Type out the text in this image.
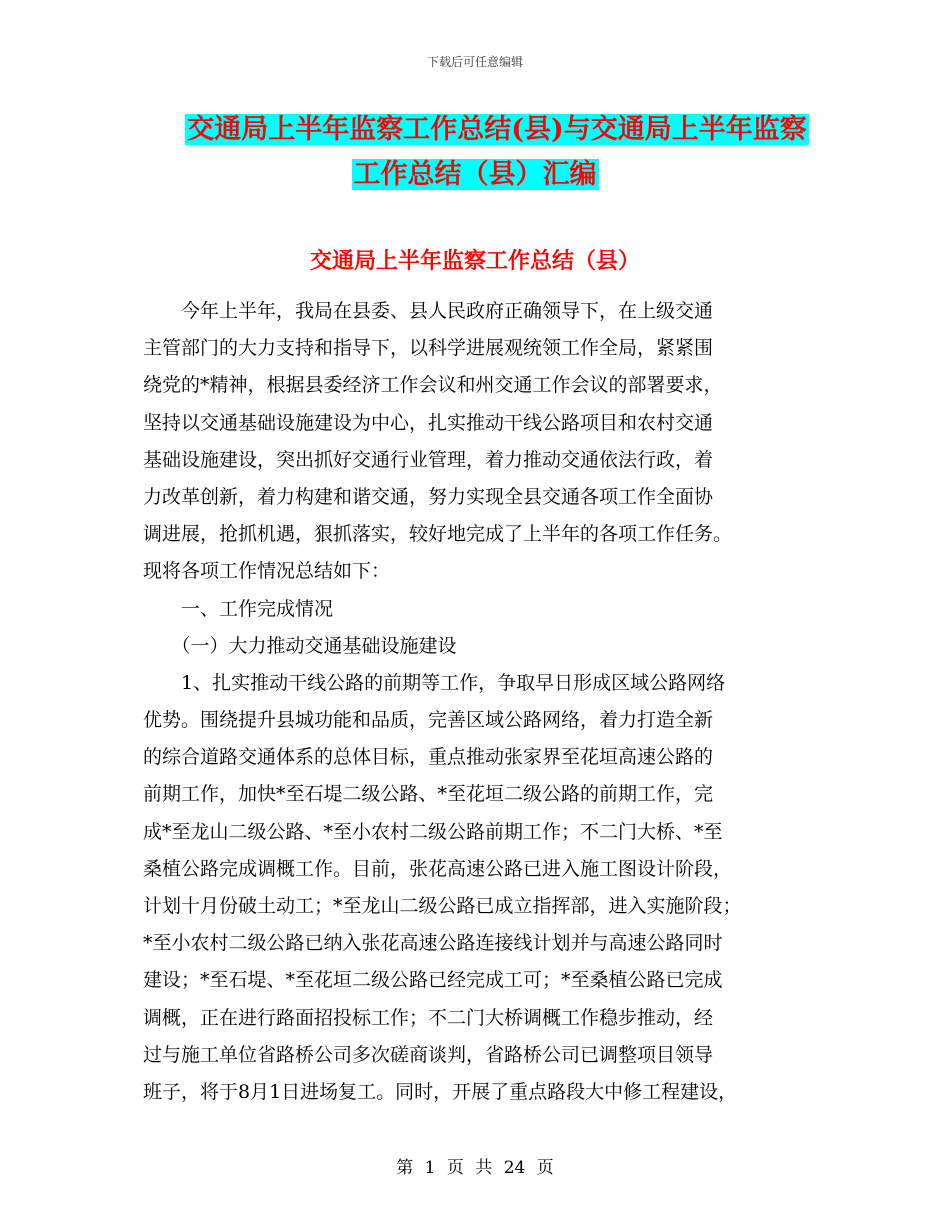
下载后可任意编辑
交通局上半年监察工作总结(县)与交通局上半年监察
工作总结（县）汇编
交通局上半年监察工作总结（县）
　　今年上半年，我局在县委、县人民政府正确领导下，在上级交通
主管部门的大力支持和指导下，以科学进展观统领工作全局，紧紧围
绕党的*精神，根据县委经济工作会议和州交通工作会议的部署要求，
坚持以交通基础设施建设为中心，扎实推动干线公路项目和农村交通
基础设施建设，突出抓好交通行业管理，着力推动交通依法行政，着
力改革创新，着力构建和谐交通，努力实现全县交通各项工作全面协
调进展，抢抓机遇，狠抓落实，较好地完成了上半年的各项工作任务。
现将各项工作情况总结如下：
　　一、工作完成情况
　　（一）大力推动交通基础设施建设
　　1、扎实推动干线公路的前期等工作，争取早日形成区域公路网络
优势。围绕提升县城功能和品质，完善区域公路网络，着力打造全新
的综合道路交通体系的总体目标，重点推动张家界至花垣高速公路的
前期工作，加快*至石堤二级公路、*至花垣二级公路的前期工作，完
成*至龙山二级公路、*至小农村二级公路前期工作；不二门大桥、*至
桑植公路完成调概工作。目前，张花高速公路已进入施工图设计阶段，
计划十月份破土动工；*至龙山二级公路已成立指挥部，进入实施阶段；
*至小农村二级公路已纳入张花高速公路连接线计划并与高速公路同时
建设；*至石堤、*至花垣二级公路已经完成工可；*至桑植公路已完成
调概，正在进行路面招投标工作；不二门大桥调概工作稳步推动，经
过与施工单位省路桥公司多次磋商谈判，省路桥公司已调整项目领导
班子，将于8月1日进场复工。同时，开展了重点路段大中修工程建设，
第 1 页 共 24 页
